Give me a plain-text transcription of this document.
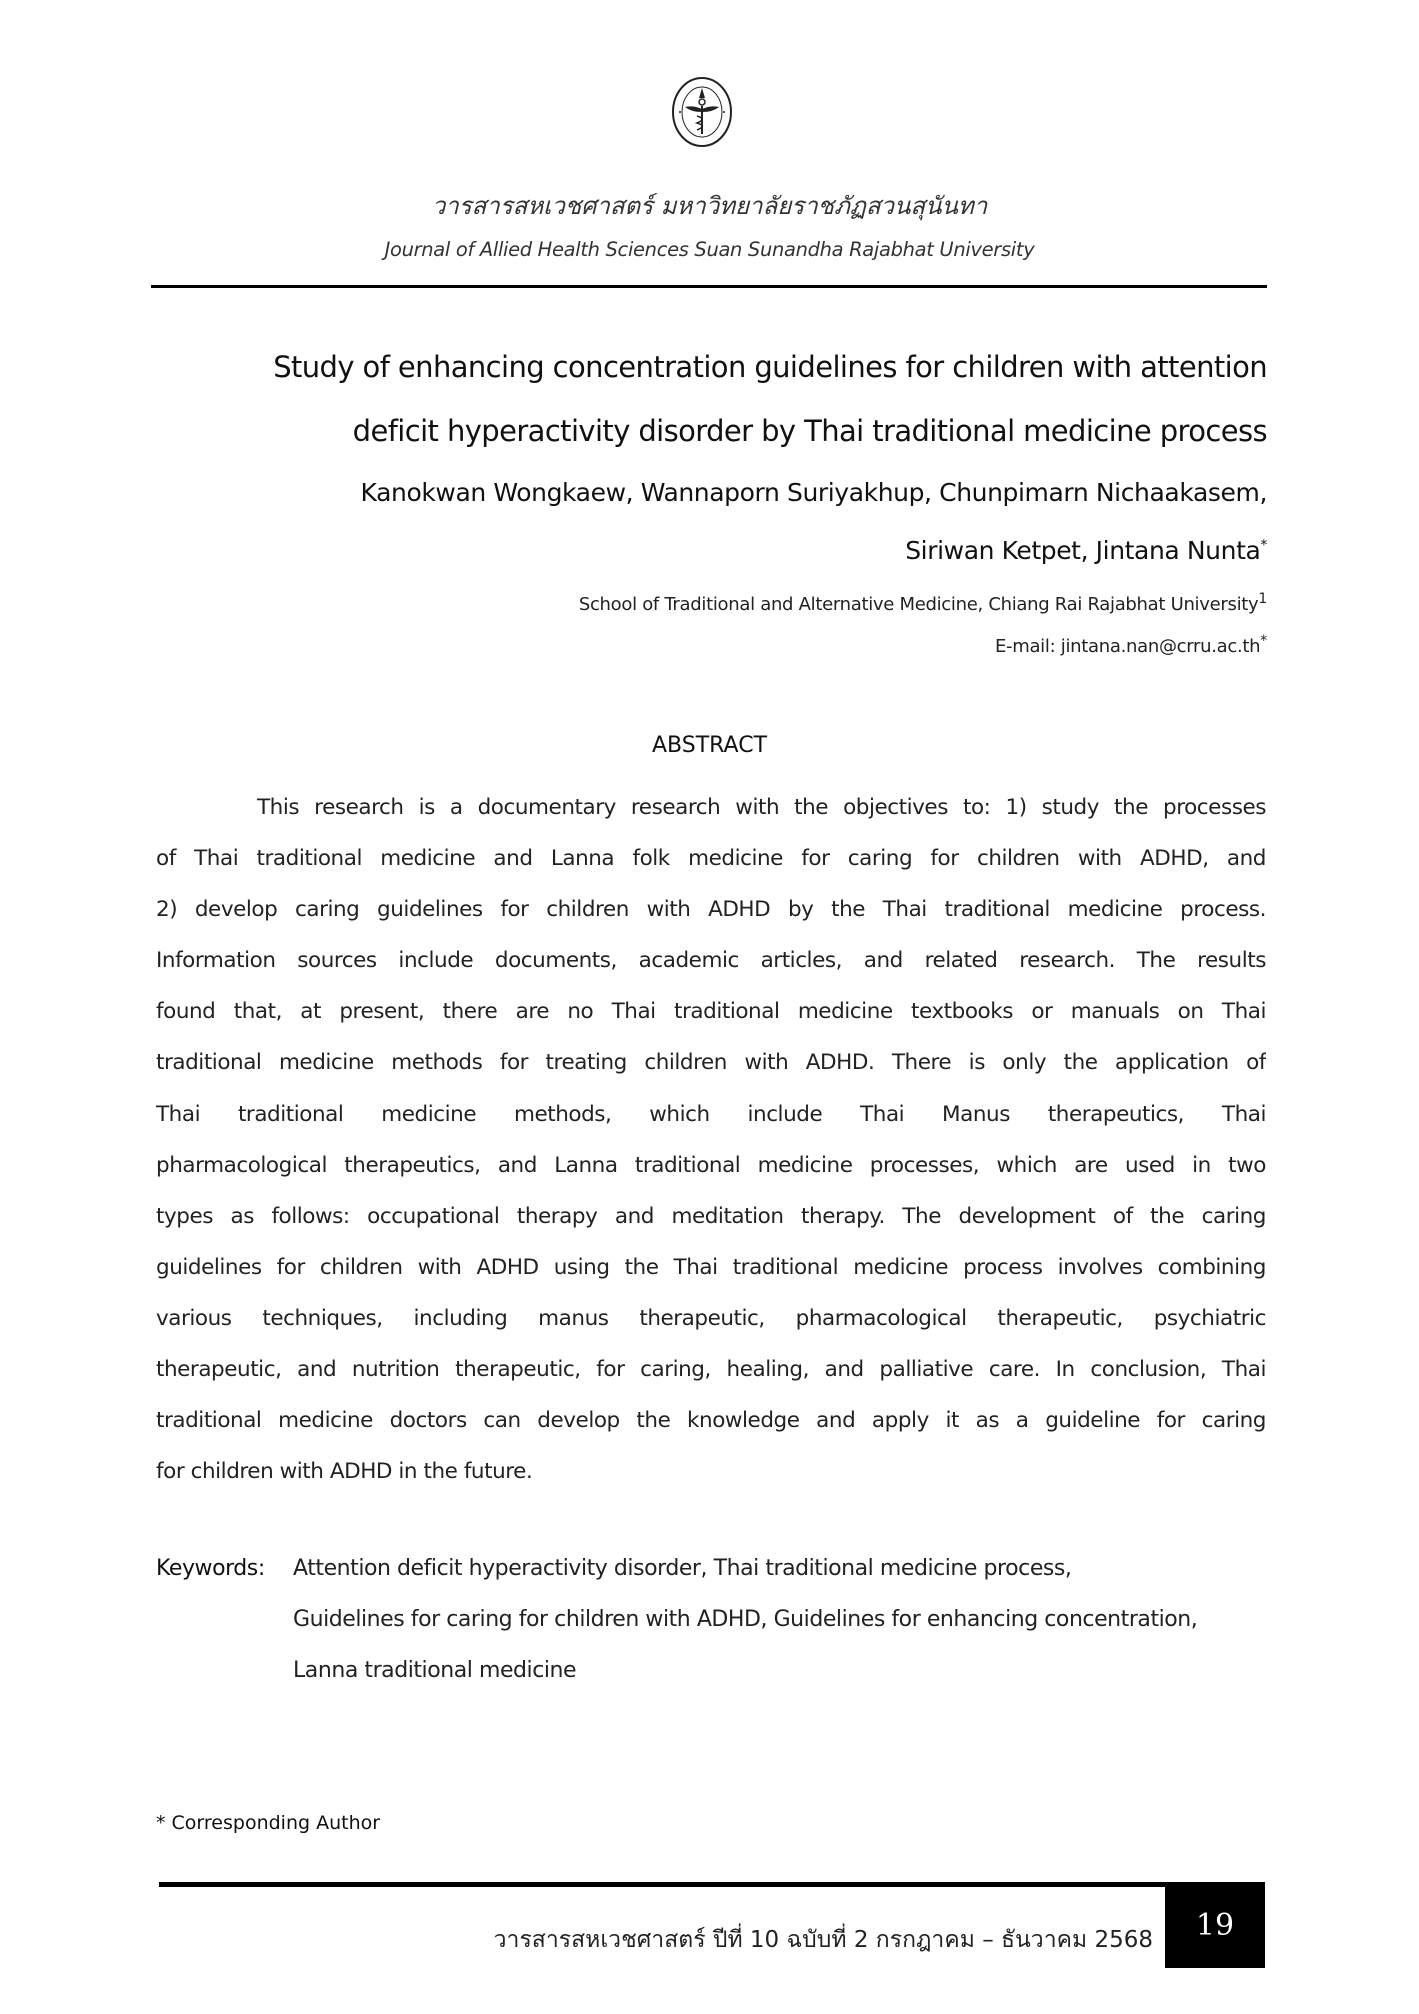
วารสารสหเวชศาสตร์ มหาวิทยาลัยราชภัฏสวนสุนันทา
Journal of Allied Health Sciences Suan Sunandha Rajabhat University
Study of enhancing concentration guidelines for children with attention
deficit hyperactivity disorder by Thai traditional medicine process
Kanokwan Wongkaew, Wannaporn Suriyakhup, Chunpimarn Nichaakasem,
Siriwan Ketpet, Jintana Nunta*
School of Traditional and Alternative Medicine, Chiang Rai Rajabhat University$^1$
E-mail: jintana.nan@crru.ac.th*
ABSTRACT
This research is a documentary research with the objectives to: 1) study the processes
of Thai traditional medicine and Lanna folk medicine for caring for children with ADHD, and
2) develop caring guidelines for children with ADHD by the Thai traditional medicine process.
Information sources include documents, academic articles, and related research. The results
found that, at present, there are no Thai traditional medicine textbooks or manuals on Thai
traditional medicine methods for treating children with ADHD. There is only the application of
Thai traditional medicine methods, which include Thai Manus therapeutics, Thai
pharmacological therapeutics, and Lanna traditional medicine processes, which are used in two
types as follows: occupational therapy and meditation therapy. The development of the caring
guidelines for children with ADHD using the Thai traditional medicine process involves combining
various techniques, including manus therapeutic, pharmacological therapeutic, psychiatric
therapeutic, and nutrition therapeutic, for caring, healing, and palliative care. In conclusion, Thai
traditional medicine doctors can develop the knowledge and apply it as a guideline for caring
for children with ADHD in the future.
Keywords: Attention deficit hyperactivity disorder, Thai traditional medicine process,
Guidelines for caring for children with ADHD, Guidelines for enhancing concentration,
Lanna traditional medicine
* Corresponding Author
วารสารสหเวชศาสตร์ ปีที่ 10 ฉบับที่ 2 กรกฎาคม – ธันวาคม 2568 19
